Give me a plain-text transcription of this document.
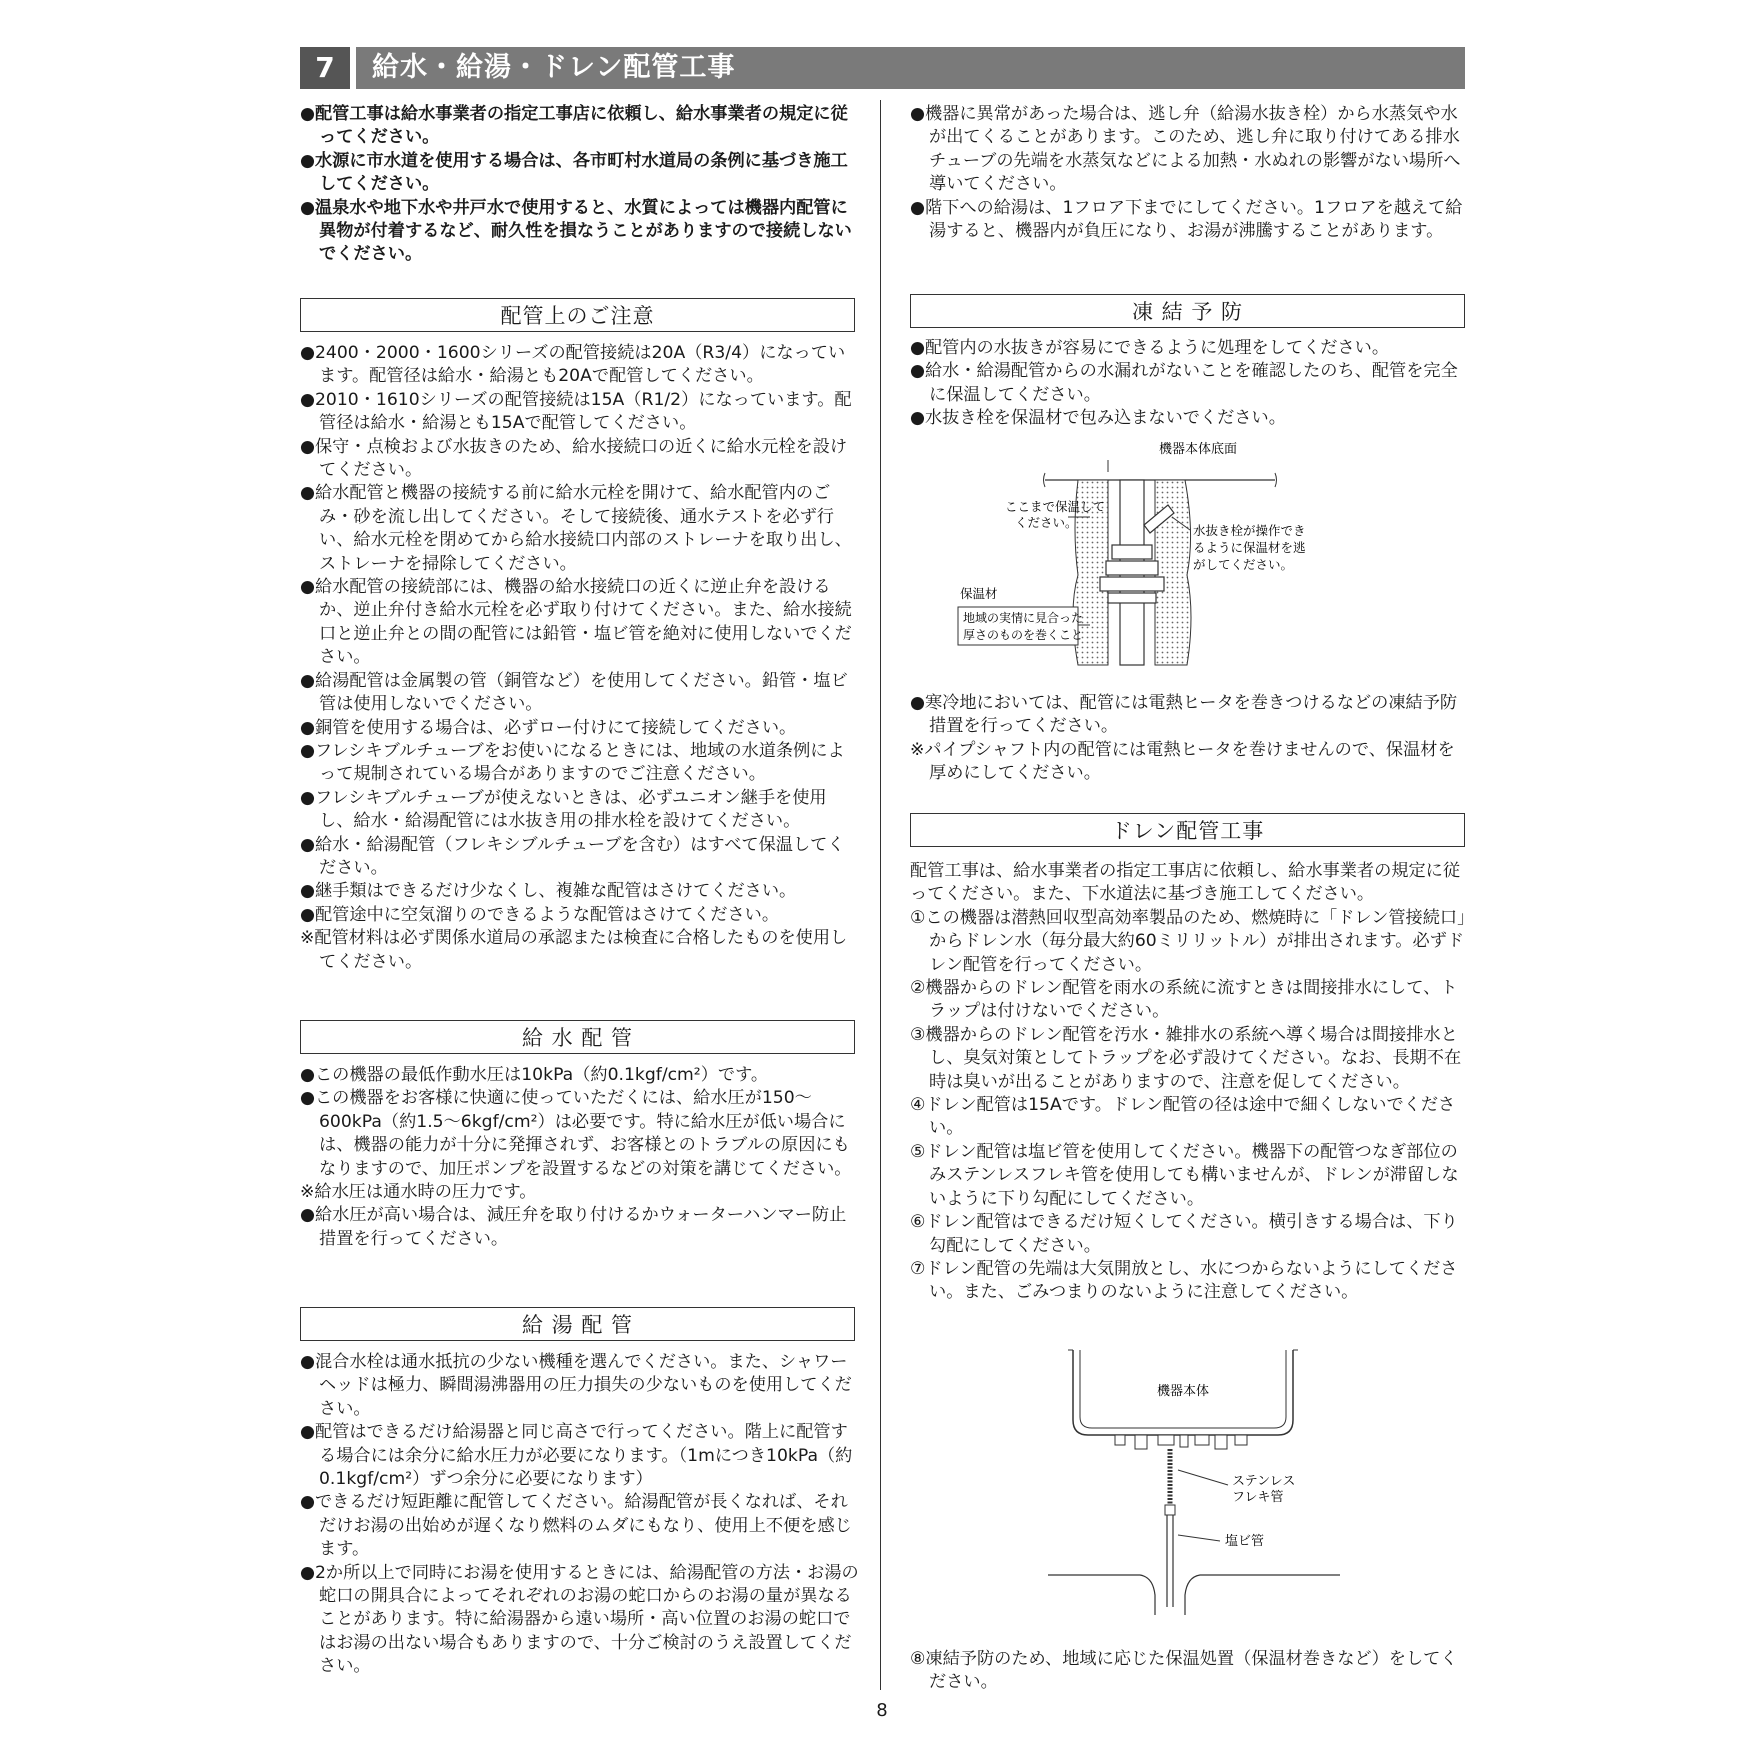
7	給水・給湯・ドレン配管工事

●配管工事は給水事業者の指定工事店に依頼し、給水事業者の規定に従ってください。

●水源に市水道を使用する場合は、各市町村水道局の条例に基づき施工してください。

●温泉水や地下水や井戸水で使用すると、水質によっては機器内配管に異物が付着するなど、耐久性を損なうことがありますので接続しないでください。

配管上のご注意

●2400・2000・1600シリーズの配管接続は20A（R3/4）になっています。配管径は給水・給湯とも20Aで配管してください。

●2010・1610シリーズの配管接続は15A（R1/2）になっています。配管径は給水・給湯とも15Aで配管してください。

●保守・点検および水抜きのため、給水接続口の近くに給水元栓を設けてください。

●給水配管と機器の接続する前に給水元栓を開けて、給水配管内のごみ・砂を流し出してください。そして接続後、通水テストを必ず行い、給水元栓を閉めてから給水接続口内部のストレーナを取り出し、ストレーナを掃除してください。

●給水配管の接続部には、機器の給水接続口の近くに逆止弁を設けるか、逆止弁付き給水元栓を必ず取り付けてください。また、給水接続口と逆止弁との間の配管には鉛管・塩ビ管を絶対に使用しないでください。

●給湯配管は金属製の管（銅管など）を使用してください。鉛管・塩ビ管は使用しないでください。

●銅管を使用する場合は、必ずロー付けにて接続してください。

●フレシキブルチューブをお使いになるときには、地域の水道条例によって規制されている場合がありますのでご注意ください。

●フレシキブルチューブが使えないときは、必ずユニオン継手を使用し、給水・給湯配管には水抜き用の排水栓を設けてください。

●給水・給湯配管（フレキシブルチューブを含む）はすべて保温してください。

●継手類はできるだけ少なくし、複雑な配管はさけてください。

●配管途中に空気溜りのできるような配管はさけてください。

※配管材料は必ず関係水道局の承認または検査に合格したものを使用してください。

給 水 配 管

●この機器の最低作動水圧は10kPa（約0.1kgf/cm²）です。

●この機器をお客様に快適に使っていただくには、給水圧が150～600kPa（約1.5～6kgf/cm²）は必要です。特に給水圧が低い場合には、機器の能力が十分に発揮されず、お客様とのトラブルの原因にもなりますので、加圧ポンプを設置するなどの対策を講じてください。

※給水圧は通水時の圧力です。

●給水圧が高い場合は、減圧弁を取り付けるかウォーターハンマー防止措置を行ってください。

給 湯 配 管

●混合水栓は通水抵抗の少ない機種を選んでください。また、シャワーヘッドは極力、瞬間湯沸器用の圧力損失の少ないものを使用してください。

●配管はできるだけ給湯器と同じ高さで行ってください。階上に配管する場合には余分に給水圧力が必要になります。（1mにつき10kPa（約0.1kgf/cm²）ずつ余分に必要になります）

●できるだけ短距離に配管してください。給湯配管が長くなれば、それだけお湯の出始めが遅くなり燃料のムダにもなり、使用上不便を感じます。

●2か所以上で同時にお湯を使用するときには、給湯配管の方法・お湯の蛇口の開具合によってそれぞれのお湯の蛇口からのお湯の量が異なることがあります。特に給湯器から遠い場所・高い位置のお湯の蛇口ではお湯の出ない場合もありますので、十分ご検討のうえ設置してください。

●機器に異常があった場合は、逃し弁（給湯水抜き栓）から水蒸気や水が出てくることがあります。このため、逃し弁に取り付けてある排水チューブの先端を水蒸気などによる加熱・水ぬれの影響がない場所へ導いてください。

●階下への給湯は、1フロア下までにしてください。1フロアを越えて給湯すると、機器内が負圧になり、お湯が沸騰することがあります。

凍 結 予 防

●配管内の水抜きが容易にできるように処理をしてください。

●給水・給湯配管からの水漏れがないことを確認したのち、配管を完全に保温してください。

●水抜き栓を保温材で包み込まないでください。

機器本体底面
ここまで保温して
ください。
水抜き栓が操作でき
るように保温材を逃
がしてください。
保温材
地域の実情に見合った
厚さのものを巻くこと

●寒冷地においては、配管には電熱ヒータを巻きつけるなどの凍結予防措置を行ってください。

※パイプシャフト内の配管には電熱ヒータを巻けませんので、保温材を厚めにしてください。

ドレン配管工事

配管工事は、給水事業者の指定工事店に依頼し、給水事業者の規定に従ってください。また、下水道法に基づき施工してください。

①この機器は潜熱回収型高効率製品のため、燃焼時に「ドレン管接続口」からドレン水（毎分最大約60ミリリットル）が排出されます。必ずドレン配管を行ってください。

②機器からのドレン配管を雨水の系統に流すときは間接排水にして、トラップは付けないでください。

③機器からのドレン配管を汚水・雑排水の系統へ導く場合は間接排水とし、臭気対策としてトラップを必ず設けてください。なお、長期不在時は臭いが出ることがありますので、注意を促してください。

④ドレン配管は15Aです。ドレン配管の径は途中で細くしないでください。

⑤ドレン配管は塩ビ管を使用してください。機器下の配管つなぎ部位のみステンレスフレキ管を使用しても構いませんが、ドレンが滞留しないように下り勾配にしてください。

⑥ドレン配管はできるだけ短くしてください。横引きする場合は、下り勾配にしてください。

⑦ドレン配管の先端は大気開放とし、水につからないようにしてください。また、ごみつまりのないように注意してください。

機器本体
ステンレス
フレキ管
塩ビ管

⑧凍結予防のため、地域に応じた保温処置（保温材巻きなど）をしてください。

8
